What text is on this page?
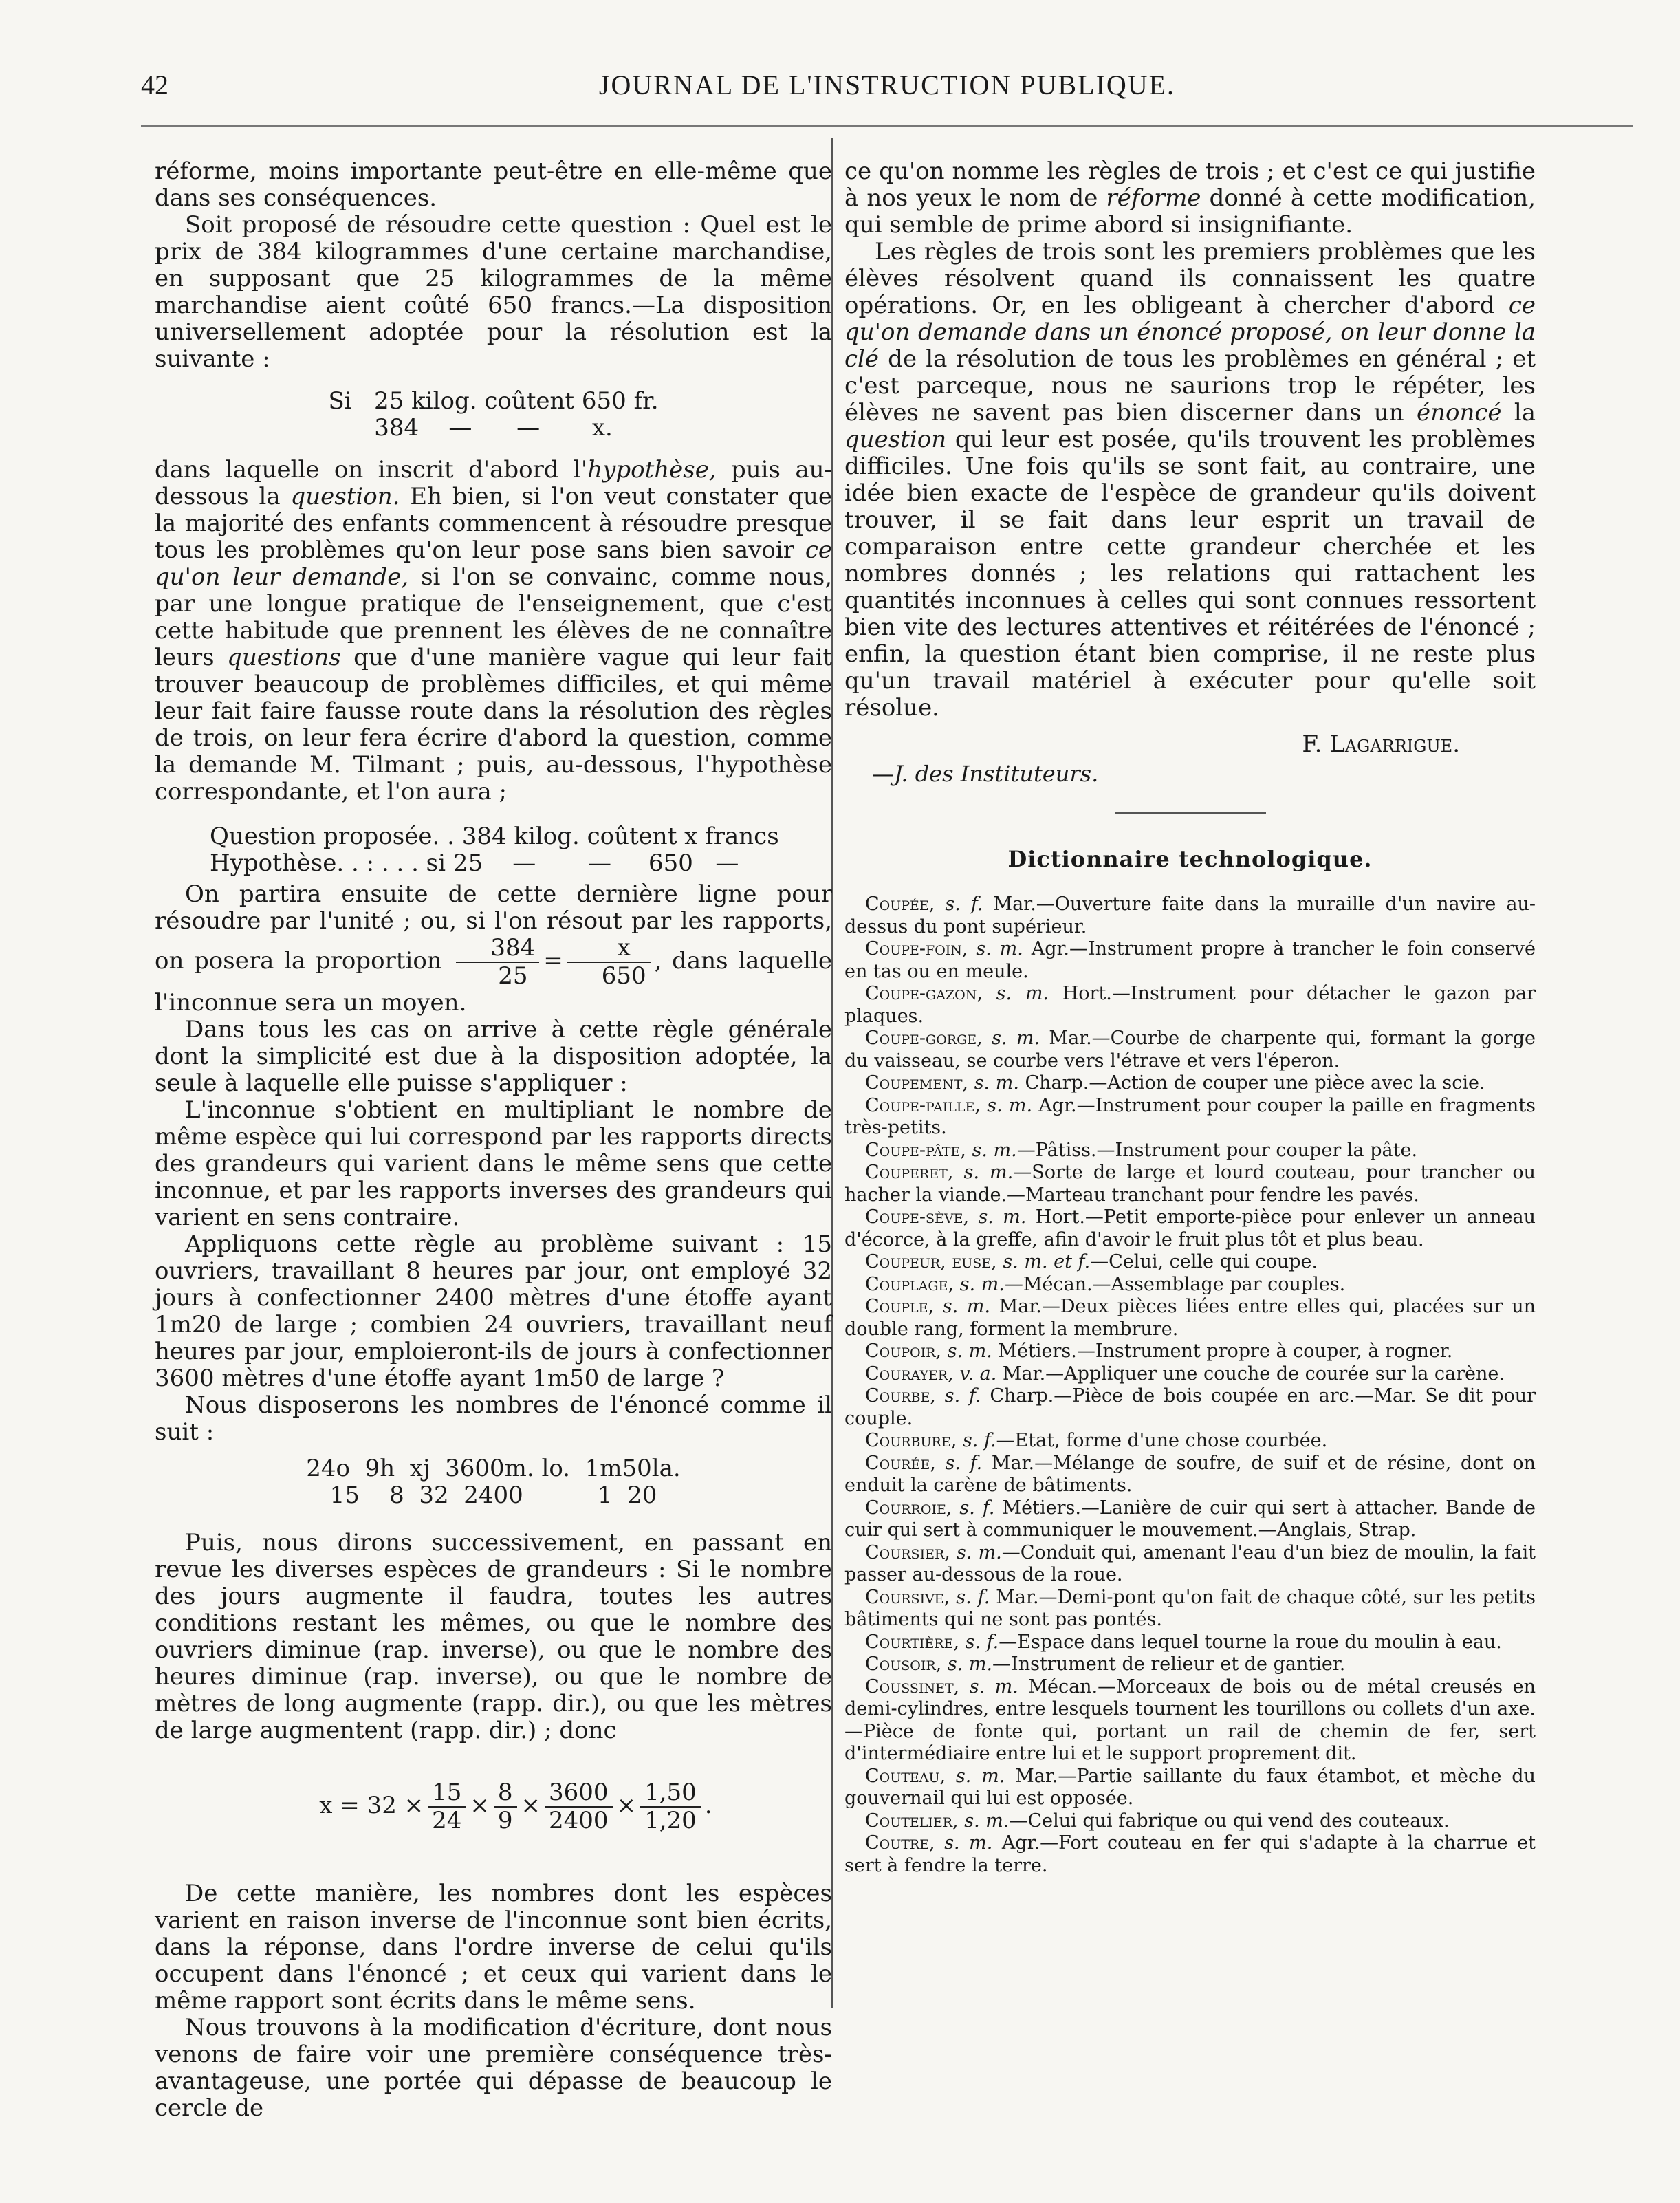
42	JOURNAL DE L'INSTRUCTION PUBLIQUE.

réforme, moins importante peut-être en elle-même que dans ses conséquences.

Soit proposé de résoudre cette question : Quel est le prix de 384 kilogrammes d'une certaine marchandise, en supposant que 25 kilogrammes de la même marchandise aient coûté 650 francs.—La disposition universellement adoptée pour la résolution est la suivante :

Si   25 kilog. coûtent 650 fr.
384    —      —       x.

dans laquelle on inscrit d'abord l'hypothèse, puis au-dessous la question. Eh bien, si l'on veut constater que la majorité des enfants commencent à résoudre presque tous les problèmes qu'on leur pose sans bien savoir ce qu'on leur demande, si l'on se convainc, comme nous, par une longue pratique de l'enseignement, que c'est cette habitude que prennent les élèves de ne connaître leurs questions que d'une manière vague qui leur fait trouver beaucoup de problèmes difficiles, et qui même leur fait faire fausse route dans la résolution des règles de trois, on leur fera écrire d'abord la question, comme la demande M. Tilmant ; puis, au-dessous, l'hypothèse correspondante, et l'on aura ;

Question proposée. . 384 kilog. coûtent x francs
Hypothèse. . : . . . si 25    —       —     650   —

On partira ensuite de cette dernière ligne pour résoudre par l'unité ; ou, si l'on résout par les rapports, on posera la proportion $\frac{384}{25} = \frac{x}{650}$ , dans laquelle l'inconnue sera un moyen.

Dans tous les cas on arrive à cette règle générale dont la simplicité est due à la disposition adoptée, la seule à laquelle elle puisse s'appliquer :

L'inconnue s'obtient en multipliant le nombre de même espèce qui lui correspond par les rapports directs des grandeurs qui varient dans le même sens que cette inconnue, et par les rapports inverses des grandeurs qui varient en sens contraire.

Appliquons cette règle au problème suivant : 15 ouvriers, travaillant 8 heures par jour, ont employé 32 jours à confectionner 2400 mètres d'une étoffe ayant 1m20 de large ; combien 24 ouvriers, travaillant neuf heures par jour, emploieront-ils de jours à confectionner 3600 mètres d'une étoffe ayant 1m50 de large ?

Nous disposerons les nombres de l'énoncé comme il suit :

24o  9h  xj  3600m. lo.  1m50la.
15    8  32  2400          1  20

Puis, nous dirons successivement, en passant en revue les diverses espèces de grandeurs : Si le nombre des jours augmente il faudra, toutes les autres conditions restant les mêmes, ou que le nombre des ouvriers diminue (rap. inverse), ou que le nombre des heures diminue (rap. inverse), ou que le nombre de mètres de long augmente (rapp. dir.), ou que les mètres de large augmentent (rapp. dir.) ; donc

$x = 32 \times \frac{15}{24} \times \frac{8}{9} \times \frac{3600}{2400} \times \frac{1,50}{1,20}$ .

De cette manière, les nombres dont les espèces varient en raison inverse de l'inconnue sont bien écrits, dans la réponse, dans l'ordre inverse de celui qu'ils occupent dans l'énoncé ; et ceux qui varient dans le même rapport sont écrits dans le même sens.

Nous trouvons à la modification d'écriture, dont nous venons de faire voir une première conséquence très-avantageuse, une portée qui dépasse de beaucoup le cercle de

ce qu'on nomme les règles de trois ; et c'est ce qui justifie à nos yeux le nom de réforme donné à cette modification, qui semble de prime abord si insignifiante.

Les règles de trois sont les premiers problèmes que les élèves résolvent quand ils connaissent les quatre opérations. Or, en les obligeant à chercher d'abord ce qu'on demande dans un énoncé proposé, on leur donne la clé de la résolution de tous les problèmes en général ; et c'est parceque, nous ne saurions trop le répéter, les élèves ne savent pas bien discerner dans un énoncé la question qui leur est posée, qu'ils trouvent les problèmes difficiles. Une fois qu'ils se sont fait, au contraire, une idée bien exacte de l'espèce de grandeur qu'ils doivent trouver, il se fait dans leur esprit un travail de comparaison entre cette grandeur cherchée et les nombres donnés ; les relations qui rattachent les quantités inconnues à celles qui sont connues ressortent bien vite des lectures attentives et réitérées de l'énoncé ; enfin, la question étant bien comprise, il ne reste plus qu'un travail matériel à exécuter pour qu'elle soit résolue.

F. Lagarrigue.
—J. des Instituteurs.
Dictionnaire technologique.

Coupée, s. f. Mar.—Ouverture faite dans la muraille d'un navire au-dessus du pont supérieur.

Coupe-foin, s. m. Agr.—Instrument propre à trancher le foin conservé en tas ou en meule.

Coupe-gazon, s. m. Hort.—Instrument pour détacher le gazon par plaques.

Coupe-gorge, s. m. Mar.—Courbe de charpente qui, formant la gorge du vaisseau, se courbe vers l'étrave et vers l'éperon.

Coupement, s. m. Charp.—Action de couper une pièce avec la scie.

Coupe-paille, s. m. Agr.—Instrument pour couper la paille en fragments très-petits.

Coupe-pâte, s. m.—Pâtiss.—Instrument pour couper la pâte.

Couperet, s. m.—Sorte de large et lourd couteau, pour trancher ou hacher la viande.—Marteau tranchant pour fendre les pavés.

Coupe-sève, s. m. Hort.—Petit emporte-pièce pour enlever un anneau d'écorce, à la greffe, afin d'avoir le fruit plus tôt et plus beau.

Coupeur, euse, s. m. et f.—Celui, celle qui coupe.

Couplage, s. m.—Mécan.—Assemblage par couples.

Couple, s. m. Mar.—Deux pièces liées entre elles qui, placées sur un double rang, forment la membrure.

Coupoir, s. m. Métiers.—Instrument propre à couper, à rogner.

Courayer, v. a. Mar.—Appliquer une couche de courée sur la carène.

Courbe, s. f. Charp.—Pièce de bois coupée en arc.—Mar. Se dit pour couple.

Courbure, s. f.—Etat, forme d'une chose courbée.

Courée, s. f. Mar.—Mélange de soufre, de suif et de résine, dont on enduit la carène de bâtiments.

Courroie, s. f. Métiers.—Lanière de cuir qui sert à attacher. Bande de cuir qui sert à communiquer le mouvement.—Anglais, Strap.

Coursier, s. m.—Conduit qui, amenant l'eau d'un biez de moulin, la fait passer au-dessous de la roue.

Coursive, s. f. Mar.—Demi-pont qu'on fait de chaque côté, sur les petits bâtiments qui ne sont pas pontés.

Courtière, s. f.—Espace dans lequel tourne la roue du moulin à eau.

Cousoir, s. m.—Instrument de relieur et de gantier.

Coussinet, s. m. Mécan.—Morceaux de bois ou de métal creusés en demi-cylindres, entre lesquels tournent les tourillons ou collets d'un axe.—Pièce de fonte qui, portant un rail de chemin de fer, sert d'intermédiaire entre lui et le support proprement dit.

Couteau, s. m. Mar.—Partie saillante du faux étambot, et mèche du gouvernail qui lui est opposée.

Coutelier, s. m.—Celui qui fabrique ou qui vend des couteaux.

Coutre, s. m. Agr.—Fort couteau en fer qui s'adapte à la charrue et sert à fendre la terre.
